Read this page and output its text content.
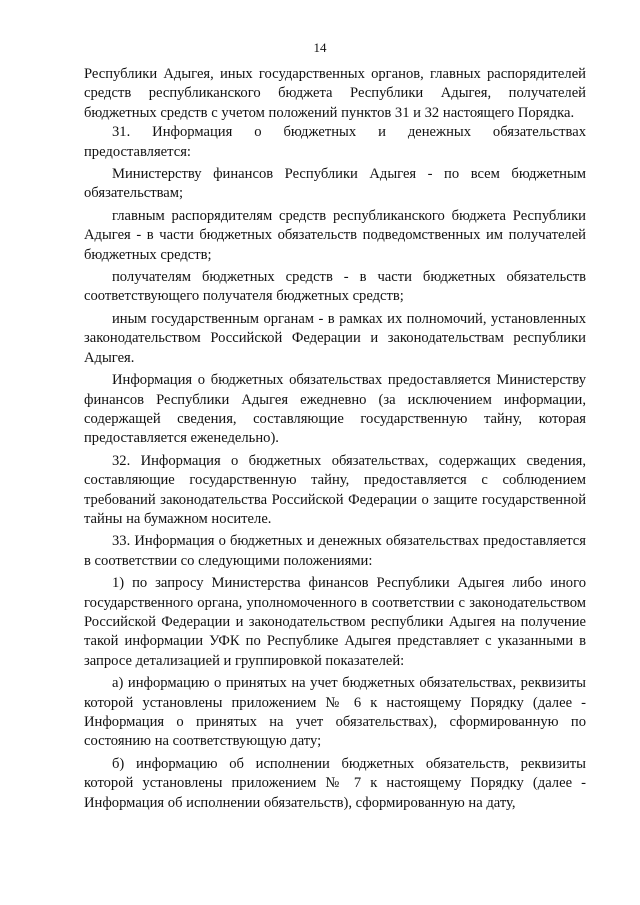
14

Республики Адыгея, иных государственных органов, главных распорядителей средств республиканского бюджета Республики Адыгея, получателей бюджетных средств с учетом положений пунктов 31 и 32 настоящего Порядка.

31. Информация о бюджетных и денежных обязательствах предоставляется:

Министерству финансов Республики Адыгея - по всем бюджетным обязательствам;

главным распорядителям средств республиканского бюджета Республики Адыгея - в части бюджетных обязательств подведомственных им получателей бюджетных средств;

получателям бюджетных средств - в части бюджетных обязательств соответствующего получателя бюджетных средств;

иным государственным органам - в рамках их полномочий, установленных законодательством Российской Федерации и законодательствам республики Адыгея.

Информация о бюджетных обязательствах предоставляется Министерству финансов Республики Адыгея ежедневно (за исключением информации, содержащей сведения, составляющие государственную тайну, которая предоставляется еженедельно).

32. Информация о бюджетных обязательствах, содержащих сведения, составляющие государственную тайну, предоставляется с соблюдением требований законодательства Российской Федерации о защите государственной тайны на бумажном носителе.

33. Информация о бюджетных и денежных обязательствах предоставляется в соответствии со следующими положениями:

1) по запросу Министерства финансов Республики Адыгея либо иного государственного органа, уполномоченного в соответствии с законодательством Российской Федерации и законодательством республики Адыгея на получение такой информации УФК по Республике Адыгея представляет с указанными в запросе детализацией и группировкой показателей:

а) информацию о принятых на учет бюджетных обязательствах, реквизиты которой установлены приложением № 6 к настоящему Порядку (далее - Информация о принятых на учет обязательствах), сформированную по состоянию на соответствующую дату;

б) информацию об исполнении бюджетных обязательств, реквизиты которой установлены приложением № 7 к настоящему Порядку (далее - Информация об исполнении обязательств), сформированную на дату,
